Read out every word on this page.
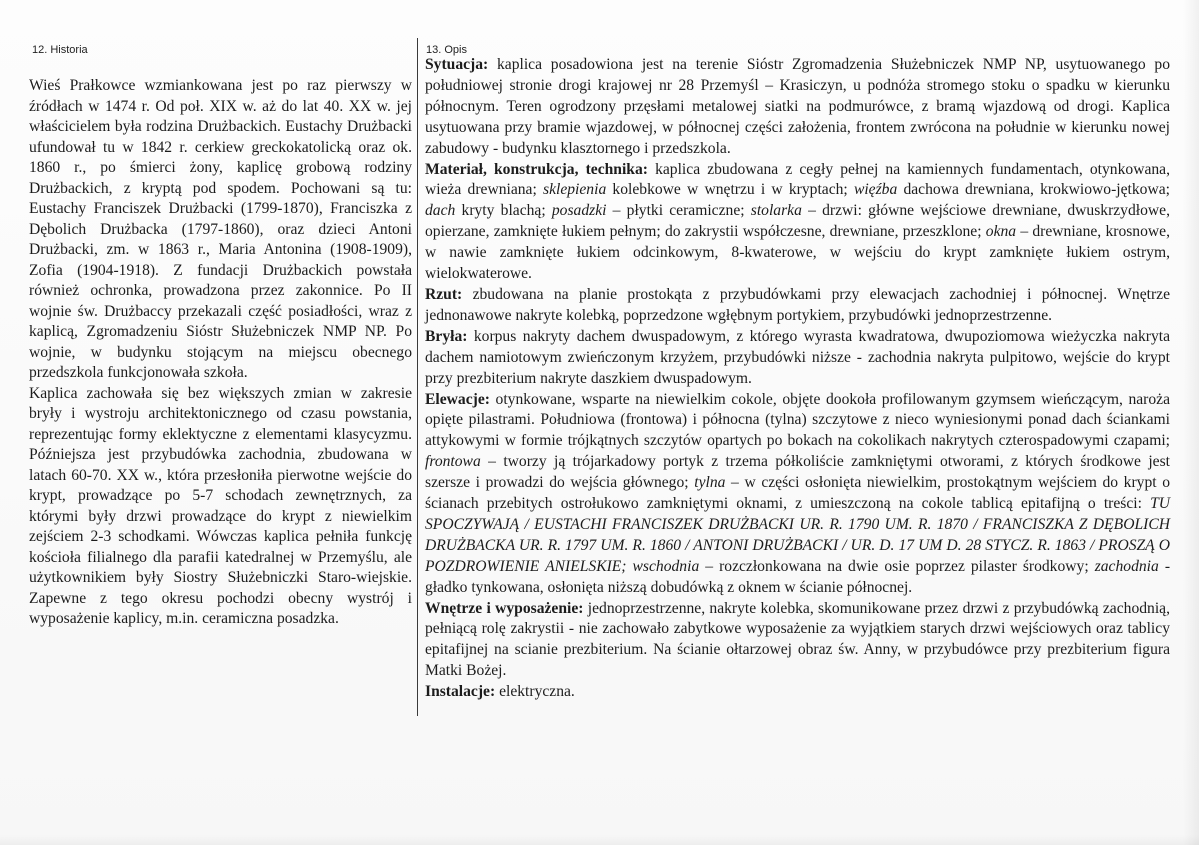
12. Historia	13. Opis

Wieś Prałkowce wzmiankowana jest po raz pierwszy w źródłach w 1474 r. Od poł. XIX w. aż do lat 40. XX w. jej właścicielem była rodzina Drużbackich. Eustachy Drużbacki ufundował tu w 1842 r. cerkiew greckokatolicką oraz ok. 1860 r., po śmierci żony, kaplicę grobową rodziny Drużbackich, z kryptą pod spodem. Pochowani są tu: Eustachy Franciszek Drużbacki (1799-1870), Franciszka z Dębolich Drużbacka (1797-1860), oraz dzieci Antoni Drużbacki, zm. w 1863 r., Maria Antonina (1908-1909), Zofia (1904-1918). Z fundacji Drużbackich powstała również ochronka, prowadzona przez zakonnice. Po II wojnie św. Drużbaccy przekazali część posiadłości, wraz z kaplicą, Zgromadzeniu Sióstr Służebniczek NMP NP. Po wojnie, w budynku stojącym na miejscu obecnego przedszkola funkcjonowała szkoła.

Kaplica zachowała się bez większych zmian w zakresie bryły i wystroju architektonicznego od czasu powstania, reprezentując formy eklektyczne z elementami klasycyzmu. Późniejsza jest przybudówka zachodnia, zbudowana w latach 60-70. XX w., która przesłoniła pierwotne wejście do krypt, prowadzące po 5-7 schodach zewnętrznych, za którymi były drzwi prowadzące do krypt z niewielkim zejściem 2-3 schodkami. Wówczas kaplica pełniła funkcję kościoła filialnego dla parafii katedralnej w Przemyślu, ale użytkownikiem były Siostry Służebniczki Staro-wiejskie. Zapewne z tego okresu pochodzi obecny wystrój i wyposażenie kaplicy, m.in. ceramiczna posadzka.

Sytuacja: kaplica posadowiona jest na terenie Sióstr Zgromadzenia Służebniczek NMP NP, usytuowanego po południowej stronie drogi krajowej nr 28 Przemyśl – Krasiczyn, u podnóża stromego stoku o spadku w kierunku północnym. Teren ogrodzony przęsłami metalowej siatki na podmurówce, z bramą wjazdową od drogi. Kaplica usytuowana przy bramie wjazdowej, w północnej części założenia, frontem zwrócona na południe w kierunku nowej zabudowy - budynku klasztornego i przedszkola.

Materiał, konstrukcja, technika: kaplica zbudowana z cegły pełnej na kamiennych fundamentach, otynkowana, wieża drewniana; sklepienia kolebkowe w wnętrzu i w kryptach; więźba dachowa drewniana, krokwiowo-jętkowa; dach kryty blachą; posadzki – płytki ceramiczne; stolarka – drzwi: główne wejściowe drewniane, dwuskrzydłowe, opierzane, zamknięte łukiem pełnym; do zakrystii współczesne, drewniane, przeszklone; okna – drewniane, krosnowe, w nawie zamknięte łukiem odcinkowym, 8-kwaterowe, w wejściu do krypt zamknięte łukiem ostrym, wielokwaterowe.

Rzut: zbudowana na planie prostokąta z przybudówkami przy elewacjach zachodniej i północnej. Wnętrze jednonawowe nakryte kolebką, poprzedzone wgłębnym portykiem, przybudówki jednoprzestrzenne.

Bryła: korpus nakryty dachem dwuspadowym, z którego wyrasta kwadratowa, dwupoziomowa wieżyczka nakryta dachem namiotowym zwieńczonym krzyżem, przybudówki niższe - zachodnia nakryta pulpitowo, wejście do krypt przy prezbiterium nakryte daszkiem dwuspadowym.

Elewacje: otynkowane, wsparte na niewielkim cokole, objęte dookoła profilowanym gzymsem wieńczącym, naroża opięte pilastrami. Południowa (frontowa) i północna (tylna) szczytowe z nieco wyniesionymi ponad dach ściankami attykowymi w formie trójkątnych szczytów opartych po bokach na cokolikach nakrytych czterospadowymi czapami; frontowa – tworzy ją trójarkadowy portyk z trzema półkoliście zamkniętymi otworami, z których środkowe jest szersze i prowadzi do wejścia głównego; tylna – w części osłonięta niewielkim, prostokątnym wejściem do krypt o ścianach przebitych ostrołukowo zamkniętymi oknami, z umieszczoną na cokole tablicą epitafijną o treści: TU SPOCZYWAJĄ / EUSTACHI FRANCISZEK DRUŻBACKI UR. R. 1790 UM. R. 1870 / FRANCISZKA Z DĘBOLICH DRUŻBACKA UR. R. 1797 UM. R. 1860 / ANTONI DRUŻBACKI / UR. D. 17 UM D. 28 STYCZ. R. 1863 / PROSZĄ O POZDROWIENIE ANIELSKIE; wschodnia – rozczłonkowana na dwie osie poprzez pilaster środkowy; zachodnia - gładko tynkowana, osłonięta niższą dobudówką z oknem w ścianie północnej.

Wnętrze i wyposażenie: jednoprzestrzenne, nakryte kolebka, skomunikowane przez drzwi z przybudówką zachodnią, pełniącą rolę zakrystii - nie zachowało zabytkowe wyposażenie za wyjątkiem starych drzwi wejściowych oraz tablicy epitafijnej na scianie prezbiterium. Na ścianie ołtarzowej obraz św. Anny, w przybudówce przy prezbiterium figura Matki Bożej.

Instalacje: elektryczna.
